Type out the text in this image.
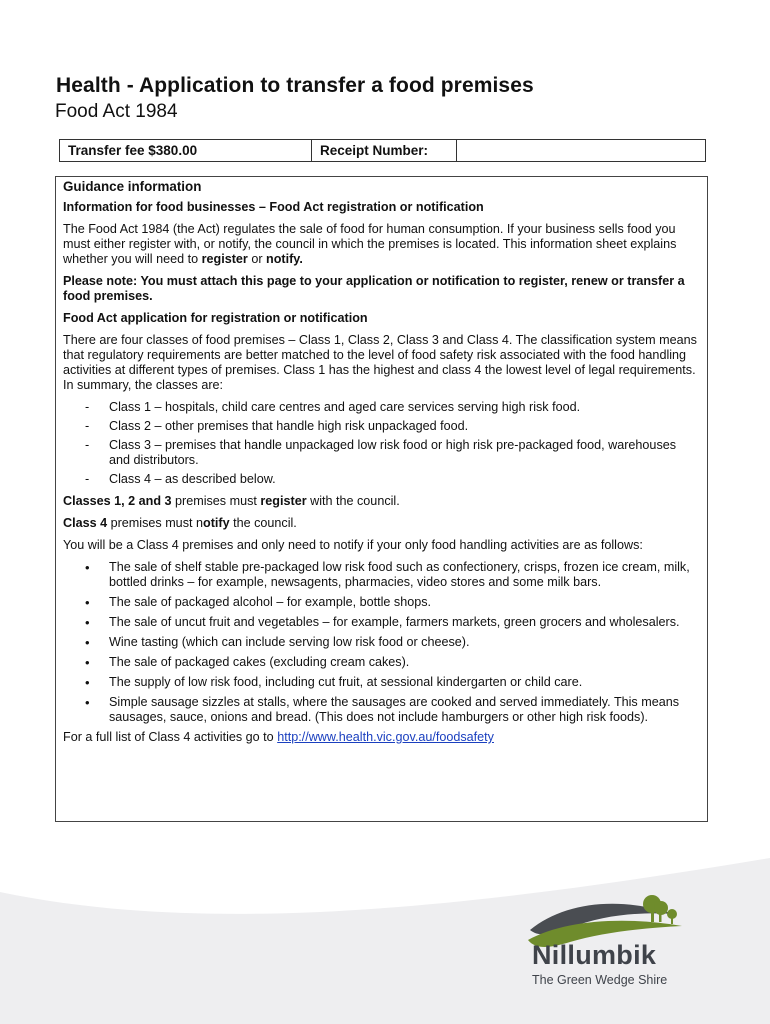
Health - Application to transfer a food premises
Food Act 1984
Transfer fee $380.00	Receipt Number:

Guidance information

Information for food businesses – Food Act registration or notification

The Food Act 1984 (the Act) regulates the sale of food for human consumption. If your business sells food you must either register with, or notify, the council in which the premises is located. This information sheet explains whether you will need to register or notify.

Please note: You must attach this page to your application or notification to register, renew or transfer a food premises.

Food Act application for registration or notification

There are four classes of food premises – Class 1, Class 2, Class 3 and Class 4. The classification system means that regulatory requirements are better matched to the level of food safety risk associated with the food handling activities at different types of premises. Class 1 has the highest and class 4 the lowest level of legal requirements. In summary, the classes are:

- Class 1 – hospitals, child care centres and aged care services serving high risk food.
- Class 2 – other premises that handle high risk unpackaged food.
- Class 3 – premises that handle unpackaged low risk food or high risk pre-packaged food, warehouses and distributors.
- Class 4 – as described below.

Classes 1, 2 and 3 premises must register with the council.

Class 4 premises must notify the council.

You will be a Class 4 premises and only need to notify if your only food handling activities are as follows:

• The sale of shelf stable pre-packaged low risk food such as confectionery, crisps, frozen ice cream, milk, bottled drinks – for example, newsagents, pharmacies, video stores and some milk bars.
• The sale of packaged alcohol – for example, bottle shops.
• The sale of uncut fruit and vegetables – for example, farmers markets, green grocers and wholesalers.
• Wine tasting (which can include serving low risk food or cheese).
• The sale of packaged cakes (excluding cream cakes).
• The supply of low risk food, including cut fruit, at sessional kindergarten or child care.
• Simple sausage sizzles at stalls, where the sausages are cooked and served immediately. This means sausages, sauce, onions and bread. (This does not include hamburgers or other high risk foods).

For a full list of Class 4 activities go to http://www.health.vic.gov.au/foodsafety

Nillumbik

The Green Wedge Shire
